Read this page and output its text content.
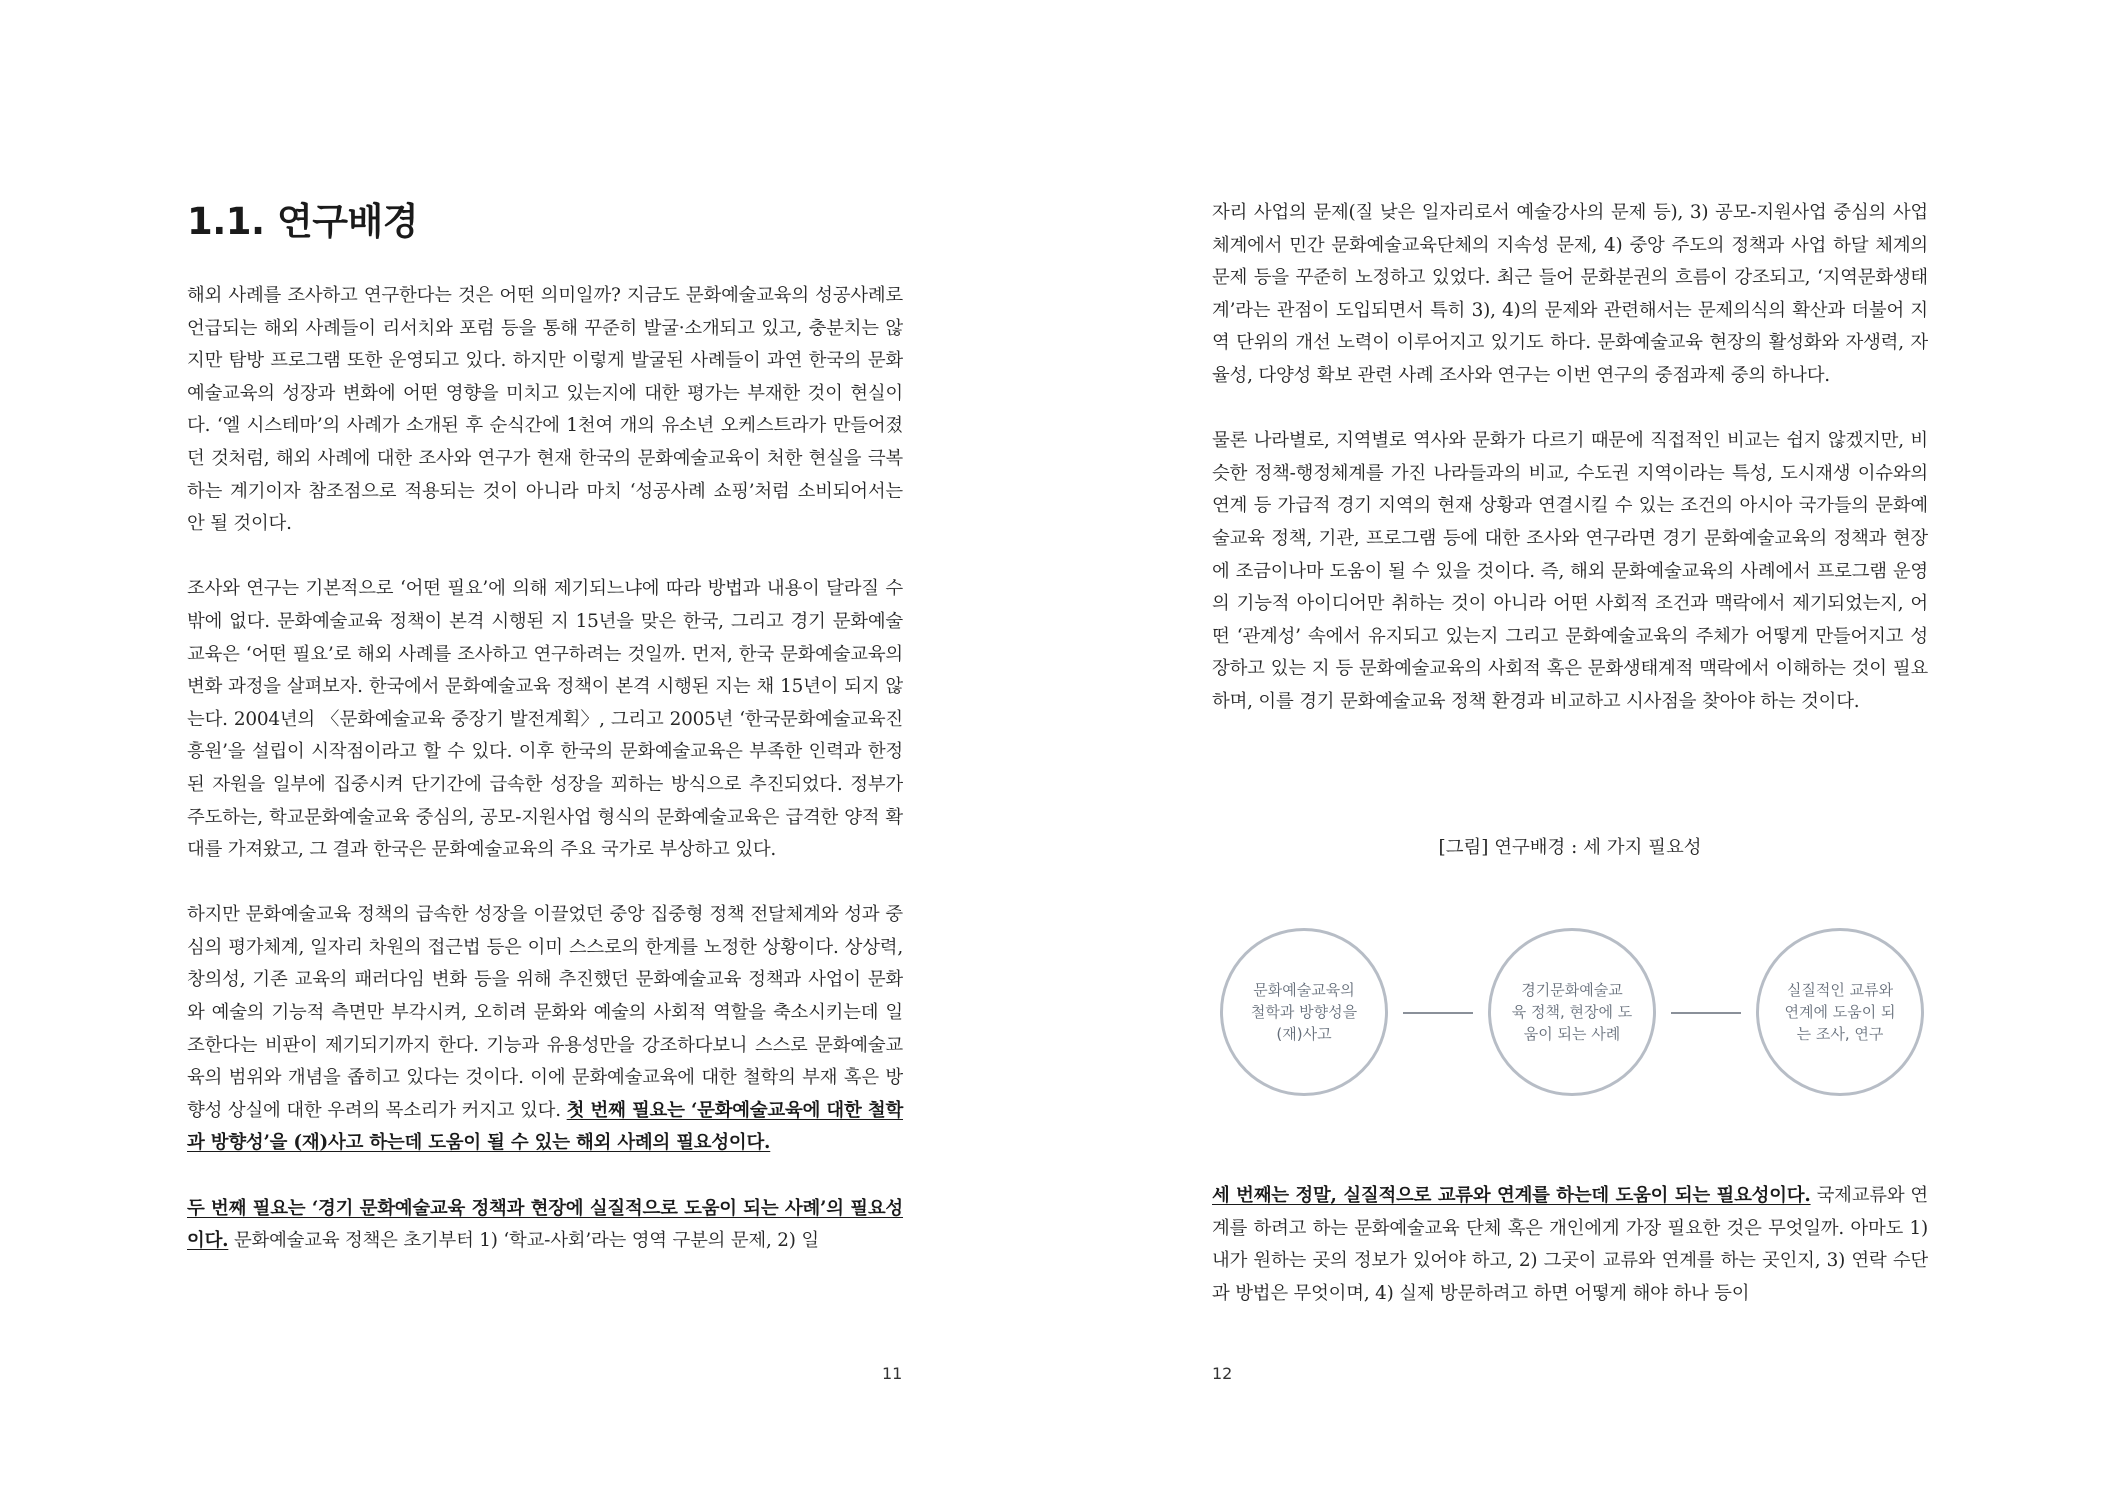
1.1. 연구배경

해외 사례를 조사하고 연구한다는 것은 어떤 의미일까? 지금도 문화예술교육의 성공사례로 언급되는 해외 사례들이 리서치와 포럼 등을 통해 꾸준히 발굴·소개되고 있고, 충분치는 않지만 탐방 프로그램 또한 운영되고 있다. 하지만 이렇게 발굴된 사례들이 과연 한국의 문화예술교육의 성장과 변화에 어떤 영향을 미치고 있는지에 대한 평가는 부재한 것이 현실이다. ‘엘 시스테마’의 사례가 소개된 후 순식간에 1천여 개의 유소년 오케스트라가 만들어졌던 것처럼, 해외 사례에 대한 조사와 연구가 현재 한국의 문화예술교육이 처한 현실을 극복하는 계기이자 참조점으로 적용되는 것이 아니라 마치 ‘성공사례 쇼핑’처럼 소비되어서는 안 될 것이다.

조사와 연구는 기본적으로 ‘어떤 필요’에 의해 제기되느냐에 따라 방법과 내용이 달라질 수밖에 없다. 문화예술교육 정책이 본격 시행된 지 15년을 맞은 한국, 그리고 경기 문화예술교육은 ‘어떤 필요’로 해외 사례를 조사하고 연구하려는 것일까. 먼저, 한국 문화예술교육의 변화 과정을 살펴보자. 한국에서 문화예술교육 정책이 본격 시행된 지는 채 15년이 되지 않는다. 2004년의 〈문화예술교육 중장기 발전계획〉, 그리고 2005년 ‘한국문화예술교육진흥원’을 설립이 시작점이라고 할 수 있다. 이후 한국의 문화예술교육은 부족한 인력과 한정된 자원을 일부에 집중시켜 단기간에 급속한 성장을 꾀하는 방식으로 추진되었다. 정부가 주도하는, 학교문화예술교육 중심의, 공모-지원사업 형식의 문화예술교육은 급격한 양적 확대를 가져왔고, 그 결과 한국은 문화예술교육의 주요 국가로 부상하고 있다.

하지만 문화예술교육 정책의 급속한 성장을 이끌었던 중앙 집중형 정책 전달체계와 성과 중심의 평가체계, 일자리 차원의 접근법 등은 이미 스스로의 한계를 노정한 상황이다. 상상력, 창의성, 기존 교육의 패러다임 변화 등을 위해 추진했던 문화예술교육 정책과 사업이 문화와 예술의 기능적 측면만 부각시켜, 오히려 문화와 예술의 사회적 역할을 축소시키는데 일조한다는 비판이 제기되기까지 한다. 기능과 유용성만을 강조하다보니 스스로 문화예술교육의 범위와 개념을 좁히고 있다는 것이다. 이에 문화예술교육에 대한 철학의 부재 혹은 방향성 상실에 대한 우려의 목소리가 커지고 있다. 첫 번째 필요는 ‘문화예술교육에 대한 철학과 방향성’을 (재)사고 하는데 도움이 될 수 있는 해외 사례의 필요성이다.

두 번째 필요는 ‘경기 문화예술교육 정책과 현장에 실질적으로 도움이 되는 사례’의 필요성이다. 문화예술교육 정책은 초기부터 1) ‘학교-사회’라는 영역 구분의 문제, 2) 일

11

자리 사업의 문제(질 낮은 일자리로서 예술강사의 문제 등), 3) 공모-지원사업 중심의 사업체계에서 민간 문화예술교육단체의 지속성 문제, 4) 중앙 주도의 정책과 사업 하달 체계의 문제 등을 꾸준히 노정하고 있었다. 최근 들어 문화분권의 흐름이 강조되고, ‘지역문화생태계’라는 관점이 도입되면서 특히 3), 4)의 문제와 관련해서는 문제의식의 확산과 더불어 지역 단위의 개선 노력이 이루어지고 있기도 하다. 문화예술교육 현장의 활성화와 자생력, 자율성, 다양성 확보 관련 사례 조사와 연구는 이번 연구의 중점과제 중의 하나다.

물론 나라별로, 지역별로 역사와 문화가 다르기 때문에 직접적인 비교는 쉽지 않겠지만, 비슷한 정책-행정체계를 가진 나라들과의 비교, 수도권 지역이라는 특성, 도시재생 이슈와의 연계 등 가급적 경기 지역의 현재 상황과 연결시킬 수 있는 조건의 아시아 국가들의 문화예술교육 정책, 기관, 프로그램 등에 대한 조사와 연구라면 경기 문화예술교육의 정책과 현장에 조금이나마 도움이 될 수 있을 것이다. 즉, 해외 문화예술교육의 사례에서 프로그램 운영의 기능적 아이디어만 취하는 것이 아니라 어떤 사회적 조건과 맥락에서 제기되었는지, 어떤 ‘관계성’ 속에서 유지되고 있는지 그리고 문화예술교육의 주체가 어떻게 만들어지고 성장하고 있는 지 등 문화예술교육의 사회적 혹은 문화생태계적 맥락에서 이해하는 것이 필요하며, 이를 경기 문화예술교육 정책 환경과 비교하고 시사점을 찾아야 하는 것이다.

[그림] 연구배경 : 세 가지 필요성
문화예술교육의
철학과 방향성을
(재)사고
경기문화예술교
육 정책, 현장에 도
움이 되는 사례
실질적인 교류와
연계에 도움이 되
는 조사, 연구

세 번째는 정말, 실질적으로 교류와 연계를 하는데 도움이 되는 필요성이다. 국제교류와 연계를 하려고 하는 문화예술교육 단체 혹은 개인에게 가장 필요한 것은 무엇일까. 아마도 1) 내가 원하는 곳의 정보가 있어야 하고, 2) 그곳이 교류와 연계를 하는 곳인지, 3) 연락 수단과 방법은 무엇이며, 4) 실제 방문하려고 하면 어떻게 해야 하나 등이

12
